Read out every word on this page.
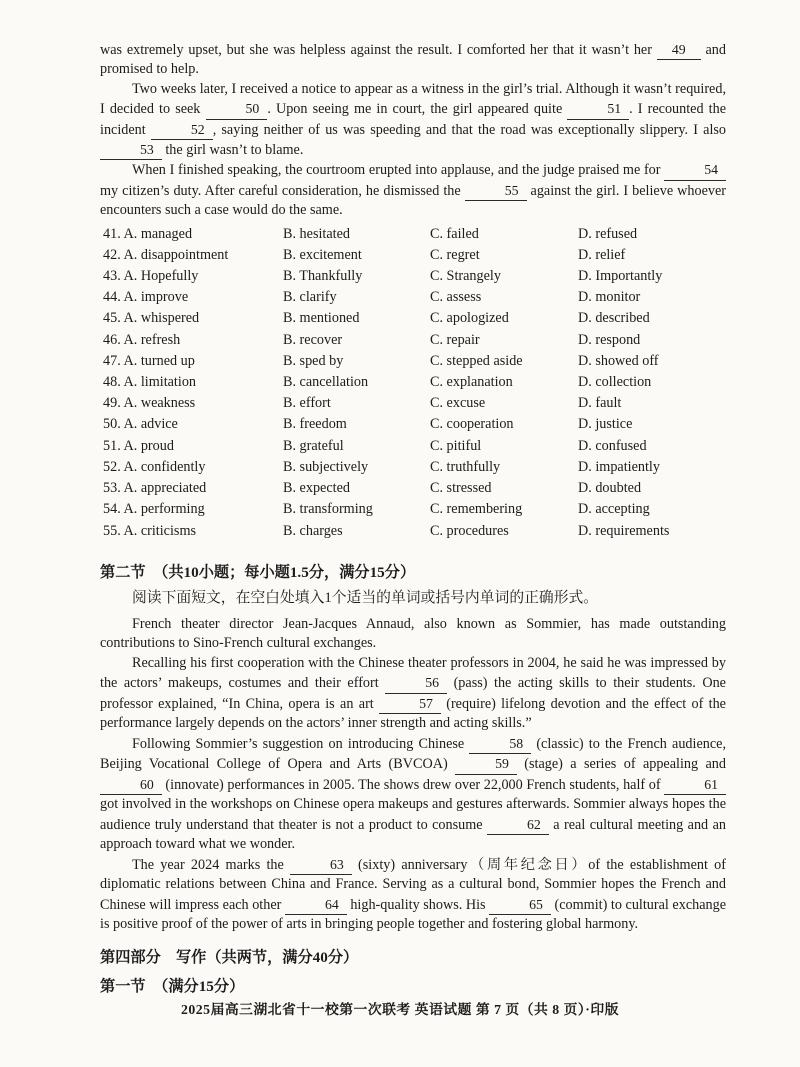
was extremely upset, but she was helpless against the result. I comforted her that it wasn’t her 49 and promised to help.

Two weeks later, I received a notice to appear as a witness in the girl’s trial. Although it wasn’t required, I decided to seek	50 . Upon seeing me in court, the girl appeared quite	51 . I recounted the incident	52 , saying neither of us was speeding and that the road was exceptionally slippery. I also 53 the girl wasn’t to blame.

When I finished speaking, the courtroom erupted into applause, and the judge praised me for	54 my citizen’s duty. After careful consideration, he dismissed the	55 against the girl. I believe whoever encounters such a case would do the same.

41. A. managed	B. hesitated	C. failed	D. refused
42. A. disappointment	B. excitement	C. regret	D. relief
43. A. Hopefully	B. Thankfully	C. Strangely	D. Importantly
44. A. improve	B. clarify	C. assess	D. monitor
45. A. whispered	B. mentioned	C. apologized	D. described
46. A. refresh	B. recover	C. repair	D. respond
47. A. turned up	B. sped by	C. stepped aside	D. showed off
48. A. limitation	B. cancellation	C. explanation	D. collection
49. A. weakness	B. effort	C. excuse	D. fault
50. A. advice	B. freedom	C. cooperation	D. justice
51. A. proud	B. grateful	C. pitiful	D. confused
52. A. confidently	B. subjectively	C. truthfully	D. impatiently
53. A. appreciated	B. expected	C. stressed	D. doubted
54. A. performing	B. transforming	C. remembering	D. accepting
55. A. criticisms	B. charges	C. procedures	D. requirements
第二节　（共10小题；每小题1.5分，满分15分）
阅读下面短文，在空白处填入1个适当的单词或括号内单词的正确形式。

French theater director Jean-Jacques Annaud, also known as Sommier, has made outstanding contributions to Sino-French cultural exchanges.

Recalling his first cooperation with the Chinese theater professors in 2004, he said he was impressed by the actors’ makeups, costumes and their effort	56 (pass) the acting skills to their students. One professor explained, “In China, opera is an art	57 (require) lifelong devotion and the effect of the performance largely depends on the actors’ inner strength and acting skills.”

Following Sommier’s suggestion on introducing Chinese	58 (classic) to the French audience, Beijing Vocational College of Opera and Arts (BVCOA)	59 (stage) a series of appealing and 60 (innovate) performances in 2005. The shows drew over 22,000 French students, half of	61 got involved in the workshops on Chinese opera makeups and gestures afterwards. Sommier always hopes the audience truly understand that theater is not a product to consume	62 a real cultural meeting and an approach toward what we wonder.

The year 2024 marks the	63 (sixty) anniversary（周年纪念日）of the establishment of diplomatic relations between China and France. Serving as a cultural bond, Sommier hopes the French and Chinese will impress each other	64 high-quality shows. His	65 (commit) to cultural exchange is positive proof of the power of arts in bringing people together and fostering global harmony.

第四部分　写作（共两节，满分40分）
第一节　（满分15分）
2025届高三湖北省十一校第一次联考 英语试题 第 7 页（共 8 页）·印版
